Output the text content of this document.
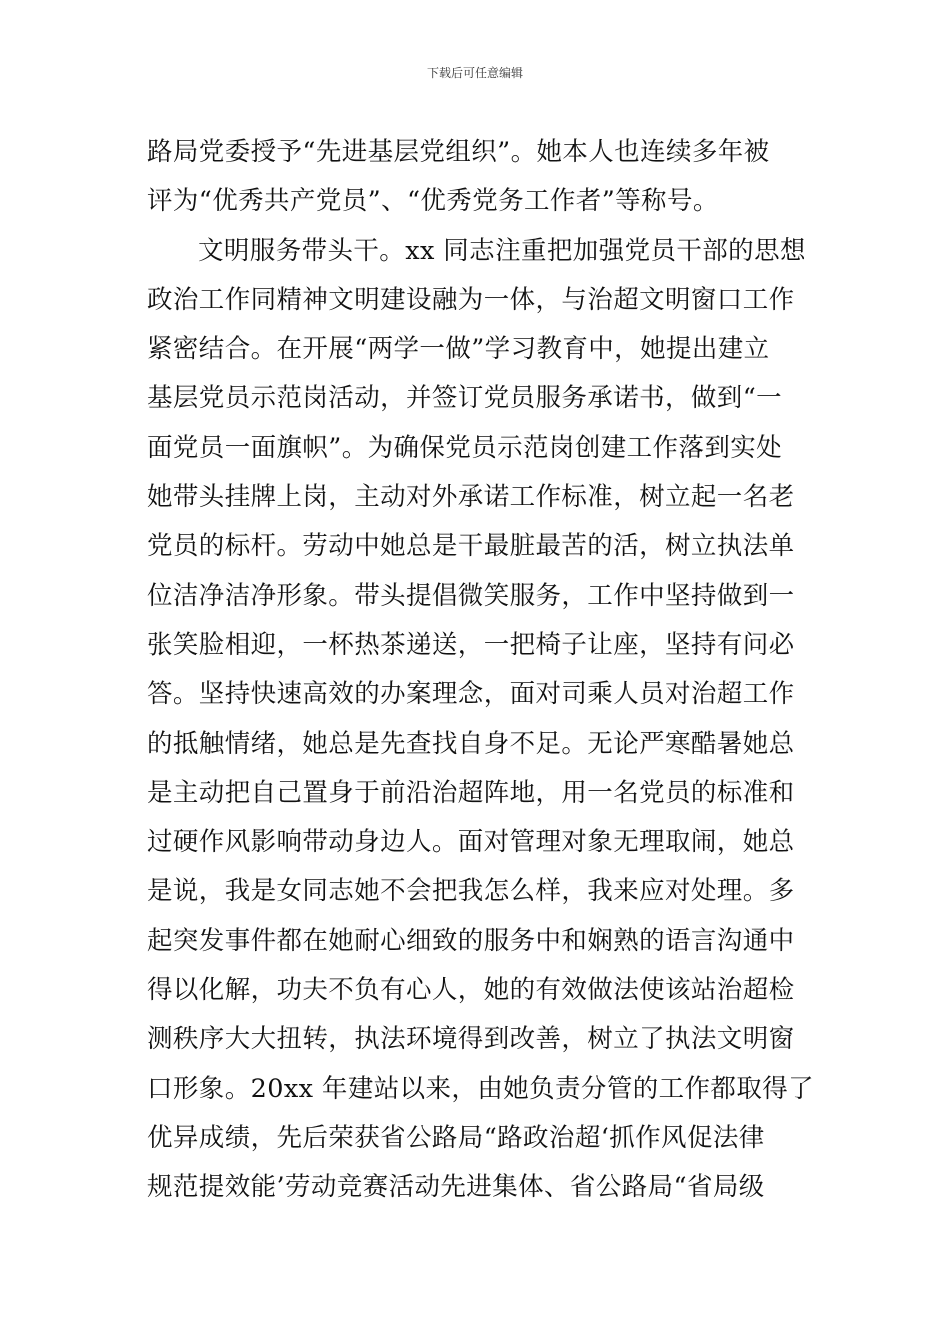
下载后可任意编辑
路局党委授予“先进基层党组织”。她本人也连续多年被
评为“优秀共产党员”、“优秀党务工作者”等称号。
文明服务带头干。xx 同志注重把加强党员干部的思想
政治工作同精神文明建设融为一体，与治超文明窗口工作
紧密结合。在开展“两学一做”学习教育中，她提出建立
基层党员示范岗活动，并签订党员服务承诺书，做到“一
面党员一面旗帜”。为确保党员示范岗创建工作落到实处
她带头挂牌上岗，主动对外承诺工作标准，树立起一名老
党员的标杆。劳动中她总是干最脏最苦的活，树立执法单
位洁净洁净形象。带头提倡微笑服务，工作中坚持做到一
张笑脸相迎，一杯热茶递送，一把椅子让座，坚持有问必
答。坚持快速高效的办案理念，面对司乘人员对治超工作
的抵触情绪，她总是先查找自身不足。无论严寒酷暑她总
是主动把自己置身于前沿治超阵地，用一名党员的标准和
过硬作风影响带动身边人。面对管理对象无理取闹，她总
是说，我是女同志她不会把我怎么样，我来应对处理。多
起突发事件都在她耐心细致的服务中和娴熟的语言沟通中
得以化解，功夫不负有心人，她的有效做法使该站治超检
测秩序大大扭转，执法环境得到改善，树立了执法文明窗
口形象。20xx 年建站以来，由她负责分管的工作都取得了
优异成绩，先后荣获省公路局“路政治超‘抓作风促法律
规范提效能’劳动竞赛活动先进集体、省公路局“省局级
